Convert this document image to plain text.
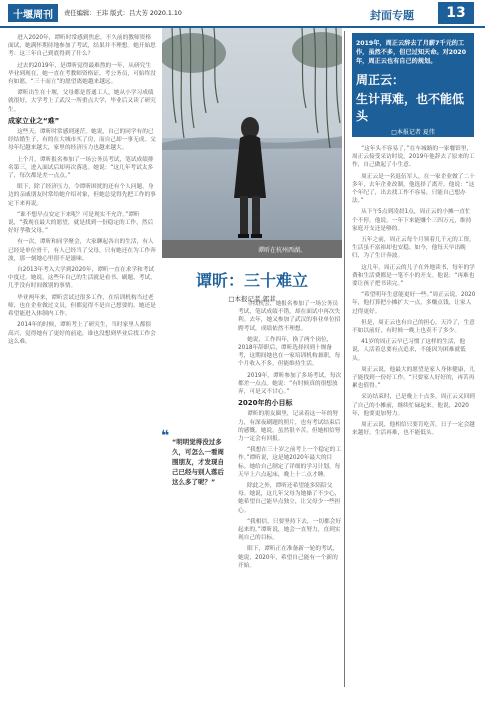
十堰周刊	责任编辑：王玮 版式：吕大芳 2020.1.10	封面专题	13

进入2020年，谭昕时常感到焦虑。不久前的教师资格面试，她满怀期待地参加了考试，结果并不理想。她开始思考：这三年自己到底得到了什么？

过去的2019年，是谭昕觉得最难熬的一年，从研究生毕业到现在，她一直在考教师资格证、考公务员，可始终没有如愿，“三十而立”的愿望离她越来越远。

谭昕出生在十堰，父母都是普通工人，她从小学习成绩就很好，大学考上了武汉一所重点大学，毕业后又读了研究生。

成家立业之“难”

这些天，谭昕时常感到迷茫。她说，自己的同学有的已经结婚生子，有的在大城市买了房，而自己却一事无成。父母年纪越来越大，家里的经济压力也越来越大。

上个月，谭昕报名参加了一场公务员考试，笔试成绩排名第三，进入面试后却再次落选。她说：“这几年考试太多了，每次都是差一点点。”

眼下，除了经济压力，令谭昕困扰的还有个人问题。身边的亲戚朋友时常给她介绍对象，但她总觉得先把工作的事定下来再说。

“谁不想早点安定下来呢？可是现实不允许。”谭昕说，“我现在最大的愿望，就是找到一份稳定的工作，然后好好孝敬父母。”

有一次，谭昕和同学聚会，大家聊起各自的生活，有人已经是单位骨干，有人已经当了父母，只有她还在为工作奔波，那一刻她心里很不是滋味。

自2013年考入大学到2020年，谭昕一直在求学和考试中度过。她说，这些年自己的生活就是看书、刷题、考试，几乎没有时间做别的事情。

毕业两年来，谭昕尝试过很多工作，在培训机构当过老师，也在企业做过文员，但都觉得不是自己想要的，她还是希望能进入体制内工作。

2014年的时候，谭昕考上了研究生，当时家里人都很高兴，觉得她有了更好的前途，谁也没想到毕业后找工作会这么难。

谭昕在杭州西湖。
谭昕：三十难立
□本报记者 郭菲
❝ “明明觉得没过多久，可怎么一看周围朋友，才发现自己已经与别人落后这么多了呢？”

寻找机会，她报名参加了一场公务员考试，笔试成绩不错，却在面试中再次失利。去年，她又参加了武汉的事业单位招聘考试，成绩依然不理想。

她说，工作四年，换了两个岗位，2018年辞职后，谭昕选择回到十堰备考，这期间她也在一家培训机构兼职，每个月收入不多，但能维持生活。

2019年，谭昕参加了多场考试，每次都差一点点。她说：“有时候真的很想放弃，可是又不甘心。”

2020年的小目标

谭昕的朋友圈里，记录着这一年的努力，有深夜刷题的照片，也有考试结束后的感慨。她说，虽然很辛苦，但她相信努力一定会有回报。

“我想在三十岁之前考上一个稳定的工作。”谭昕说，这是她2020年最大的目标。她给自己制定了详细的学习计划，每天早上六点起床，晚上十二点才睡。

除此之外，谭昕还希望能多陪陪父母。她说，这几年父母为她操了不少心，她希望自己能早点独立，让父母少一些担心。

“我相信，只要坚持下去，一切都会好起来的。”谭昕说，她会一直努力，直到实现自己的目标。

眼下，谭昕正在准备新一轮的考试，她说，2020年，希望自己能有一个新的开始。

2019年，周正云辞去了月薪7千元的工作，虽然不多，但已过知天命。对2020年，周正云也有自己的规划。
周正云：
生计再难，也不能低头
□本报记者 夏伟

“这年头不容易了，”在车城路的一家餐馆里，周正云接受采访时说，2019年他辞去了原来的工作，自己做起了小生意。

周正云是一名退伍军人，在一家企业做了二十多年，去年企业改制，他选择了离开。他说：“这个年纪了，出去找工作不容易，只能自己想办法。”

从下午5点到凌晨1点，周正云的小摊一直忙个不停。他说，一年下来能赚个三四万元，维持家庭开支还是够的。

五年之前，周正云每个月领着几千元的工资，生活虽不富裕却也安稳。如今，他每天早出晚归，为了生计奔波。

这几年，周正云的儿子在外地读书，每年的学费和生活费都是一笔不小的开支。他说：“再难也要让孩子把书读完。”

“希望明年生意能更好一些。”周正云说，2020年，他打算把小摊扩大一点，多赚点钱，让家人过得更好。

但是，周正云也有自己的担心，天冷了，生意不如以前好，有时候一晚上也卖不了多少。

41岁的周正云早已习惯了这样的生活，他说，人活着总要有点追求，不能因为困难就低头。

周正云说，他最大的愿望是家人身体健康，儿子能找到一份好工作。“只要家人好好的，再苦再累也值得。”

采访结束时，已是晚上十点多，周正云又回到了自己的小摊前，继续忙碌起来。他说，2020年，他要更加努力。

周正云说，他相信只要肯吃苦，日子一定会越来越好。生活再难，也不能低头。
